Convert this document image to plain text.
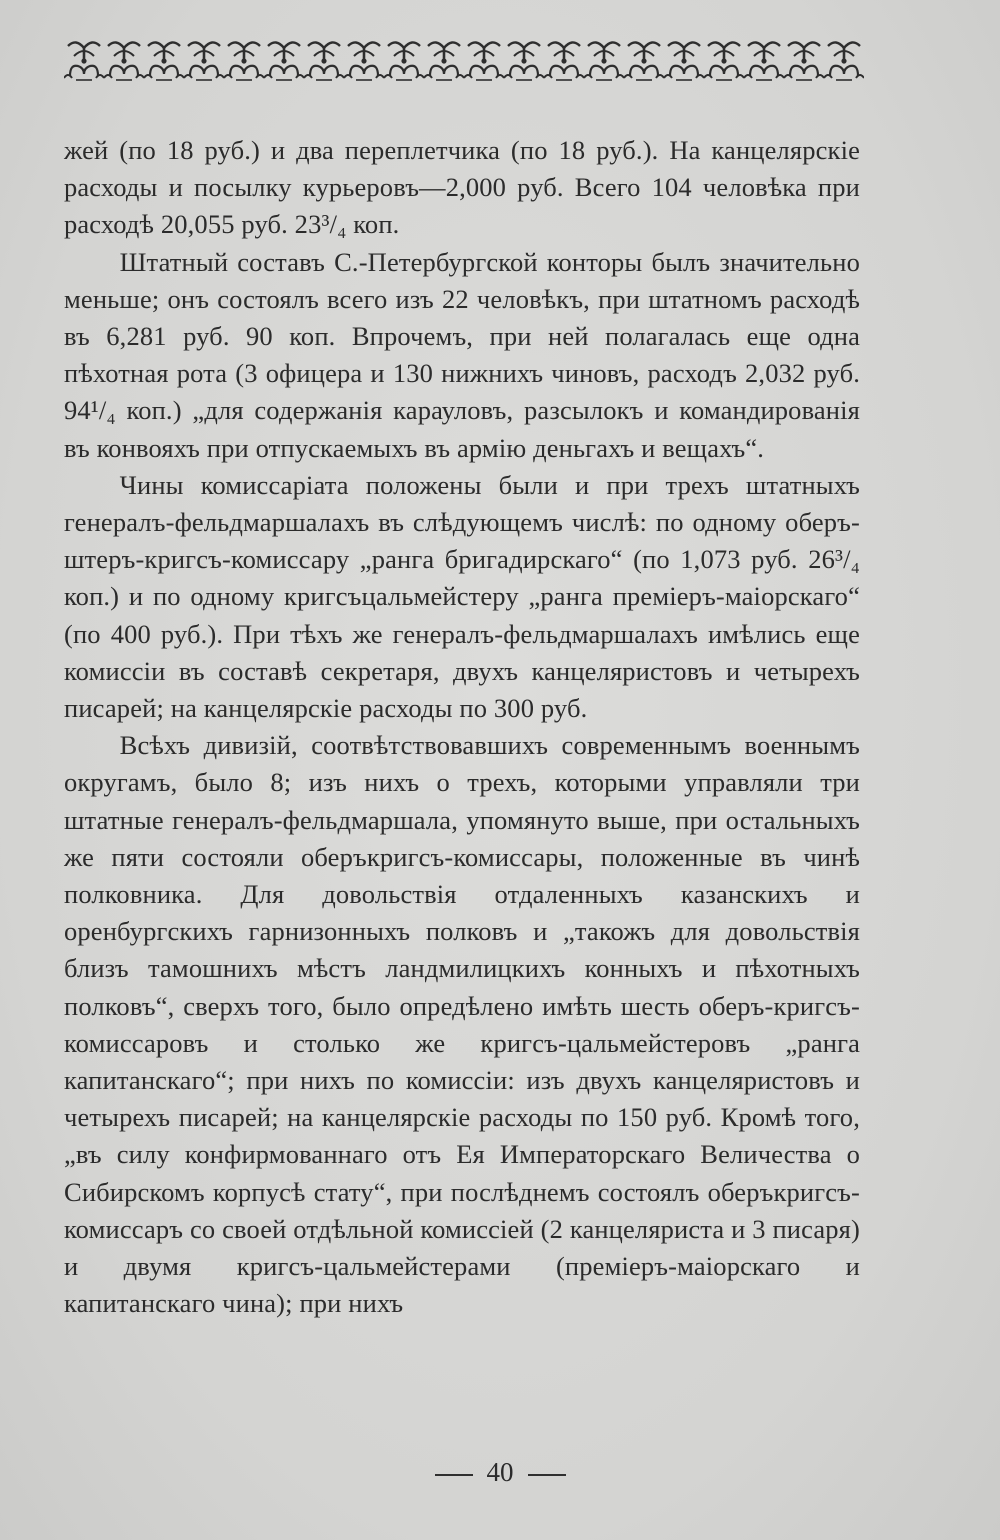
жей (по 18 руб.) и два переплетчика (по 18 руб.). На канцелярскіе расходы и посылку курьеровъ—2,000 руб. Всего 104 человѣка при расходѣ 20,055 руб. 23³/₄ коп.

Штатный составъ С.-Петербургской конторы былъ значительно меньше; онъ состоялъ всего изъ 22 человѣкъ, при штатномъ расходѣ въ 6,281 руб. 90 коп. Впрочемъ, при ней полагалась еще одна пѣхотная рота (3 офицера и 130 нижнихъ чиновъ, расходъ 2,032 руб. 94¹/₄ коп.) „для содержанія карауловъ, разсылокъ и командированія въ конвояхъ при отпускаемыхъ въ армію деньгахъ и вещахъ“.

Чины комиссаріата положены были и при трехъ штатныхъ генералъ-фельдмаршалахъ въ слѣдующемъ числѣ: по одному оберъ-штеръ-кригсъ-комиссару „ранга бригадирскаго“ (по 1,073 руб. 26³/₄ коп.) и по одному кригсъцальмейстеру „ранга преміеръ-маіорскаго“ (по 400 руб.). При тѣхъ же генералъ-фельдмаршалахъ имѣлись еще комиссіи въ составѣ секретаря, двухъ канцеляристовъ и четырехъ писарей; на канцелярскіе расходы по 300 руб.

Всѣхъ дивизій, соотвѣтствовавшихъ современнымъ военнымъ округамъ, было 8; изъ нихъ о трехъ, которыми управляли три штатные генералъ-фельдмаршала, упомянуто выше, при остальныхъ же пяти состояли оберъкригсъ-комиссары, положенные въ чинѣ полковника. Для довольствія отдаленныхъ казанскихъ и оренбургскихъ гарнизонныхъ полковъ и „такожъ для довольствія близъ тамошнихъ мѣстъ ландмилицкихъ конныхъ и пѣхотныхъ полковъ“, сверхъ того, было опредѣлено имѣть шесть оберъ-кригсъ-комиссаровъ и столько же кригсъ-цальмейстеровъ „ранга капитанскаго“; при нихъ по комиссіи: изъ двухъ канцеляристовъ и четырехъ писарей; на канцелярскіе расходы по 150 руб. Кромѣ того, „въ силу конфирмованнаго отъ Ея Императорскаго Величества о Сибирскомъ корпусѣ стату“, при послѣднемъ состоялъ оберъкригсъ-комиссаръ со своей отдѣльной комиссіей (2 канцеляриста и 3 писаря) и двумя кригсъ-цальмейстерами (преміеръ-маіорскаго и капитанскаго чина); при нихъ

40
